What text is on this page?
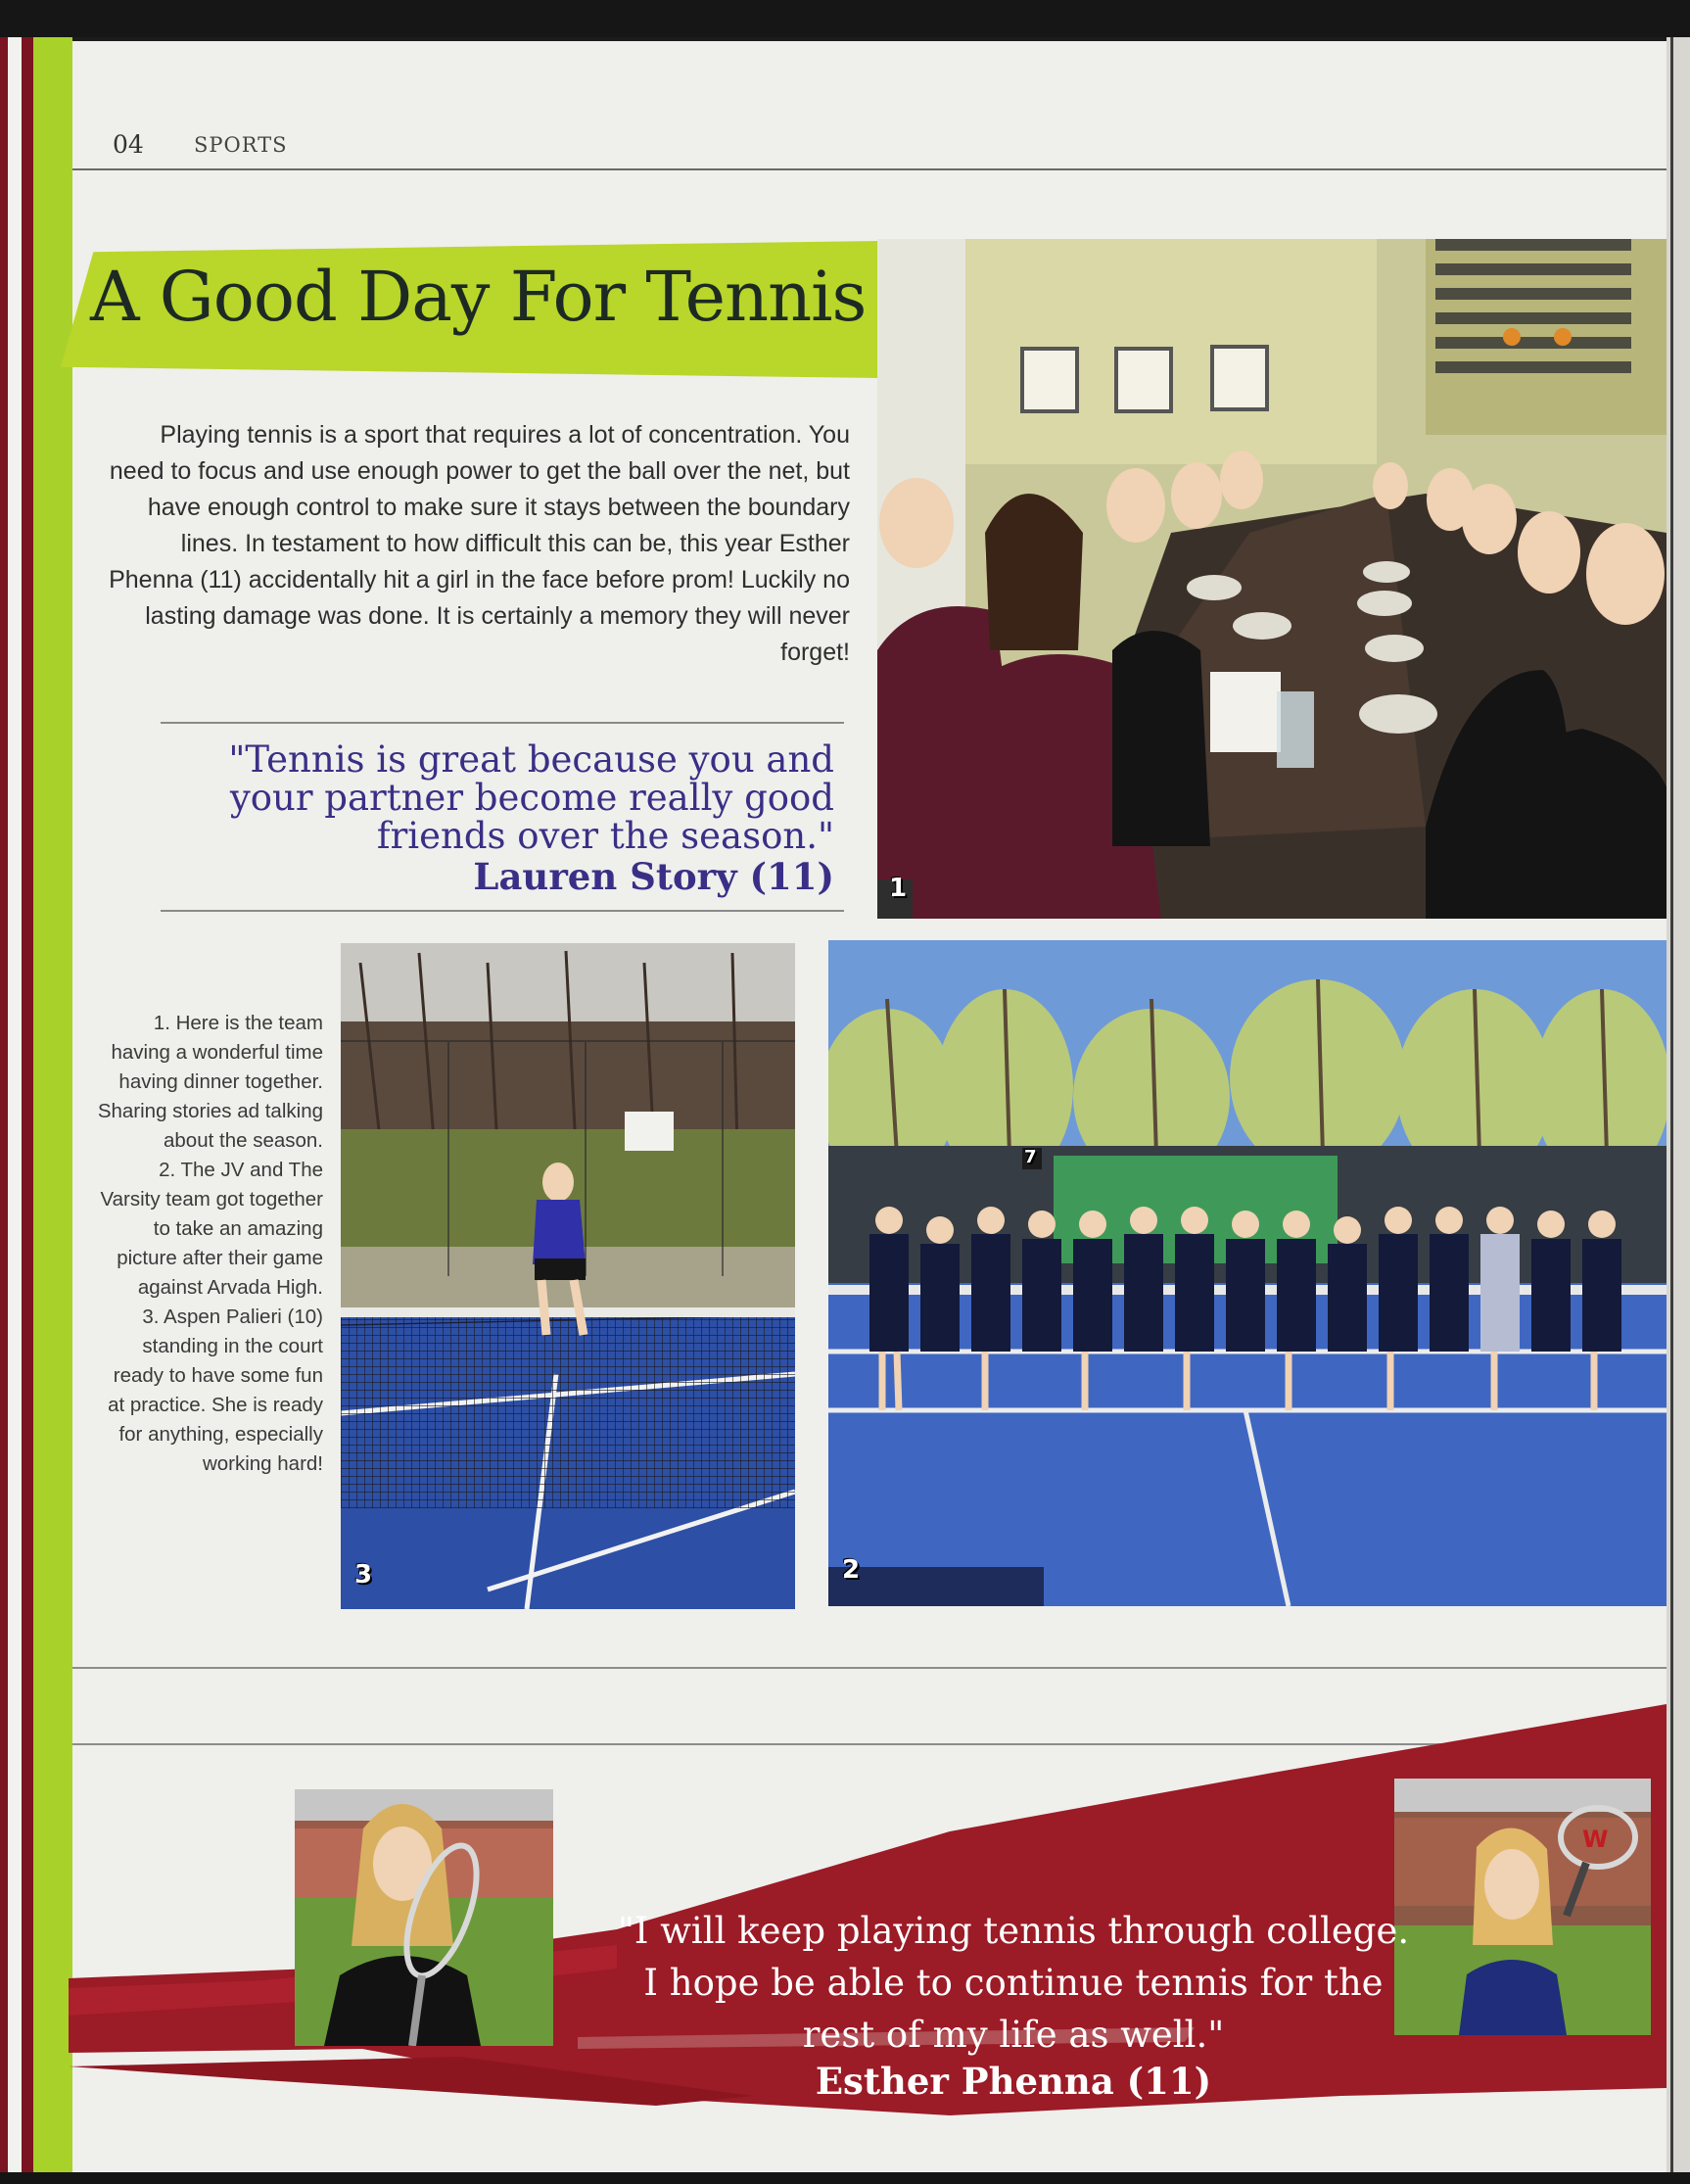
04 SPORTS
A Good Day For Tennis
Playing tennis is a sport that requires a lot of concentration. You need to focus and use enough power to get the ball over the net, but have enough control to make sure it stays between the boundary lines. In testament to how difficult this can be, this year Esther Phenna (11) accidentally hit a girl in the face before prom! Luckily no lasting damage was done. It is certainly a memory they will never forget!
"Tennis is great because you and your partner become really good friends over the season."
Lauren Story (11) 1
3
7
2
1. Here is the team having a wonderful time having dinner together. Sharing stories ad talking about the season.
2. The JV and The Varsity team got together to take an amazing picture after their game against Arvada High.
3. Aspen Palieri (10) standing in the court ready to have some fun at practice. She is ready for anything, especially working hard!
W
"I will keep playing tennis through college. I hope be able to continue tennis for the rest of my life as well."
Esther Phenna (11)
